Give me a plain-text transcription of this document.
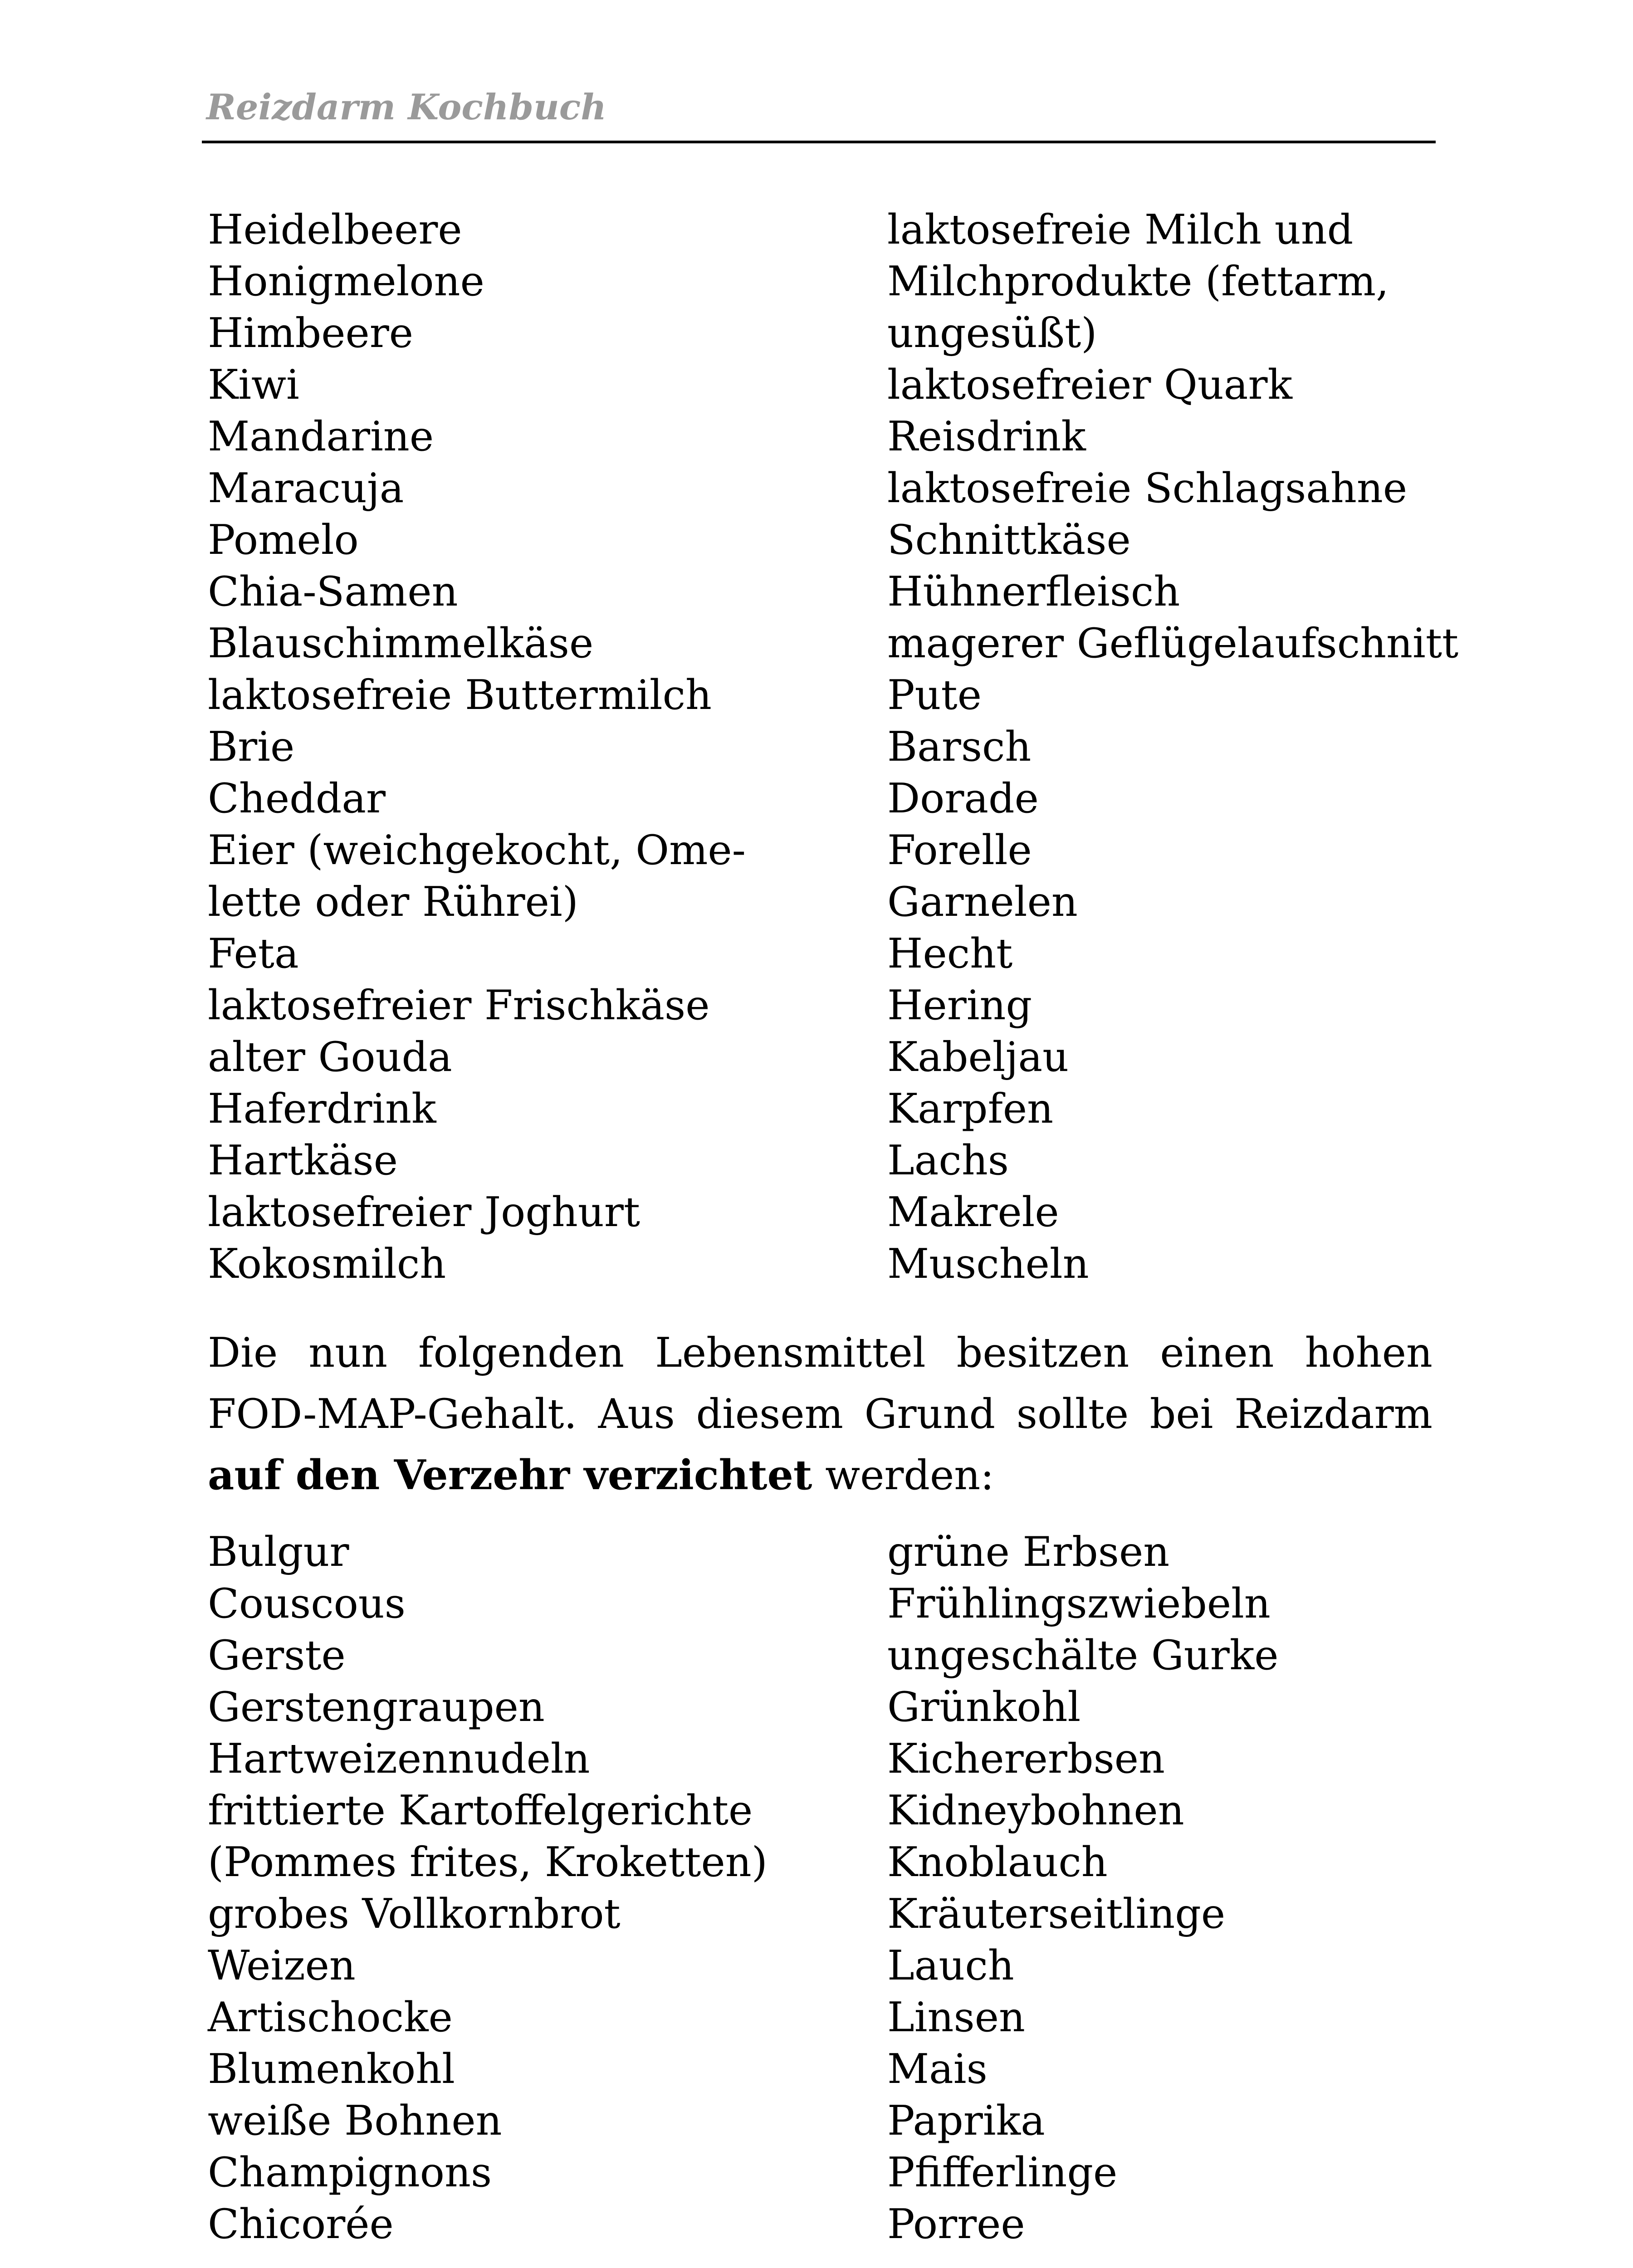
Reizdarm Kochbuch
Heidelbeere
Honigmelone
Himbeere
Kiwi
Mandarine
Maracuja
Pomelo
Chia-Samen
Blauschimmelkäse
laktosefreie Buttermilch
Brie
Cheddar
Eier (weichgekocht, Ome-
lette oder Rührei)
Feta
laktosefreier Frischkäse
alter Gouda
Haferdrink
Hartkäse
laktosefreier Joghurt
Kokosmilch
laktosefreie Milch und
Milchprodukte (fettarm,
ungesüßt)
laktosefreier Quark
Reisdrink
laktosefreie Schlagsahne
Schnittkäse
Hühnerfleisch
magerer Geflügelaufschnitt
Pute
Barsch
Dorade
Forelle
Garnelen
Hecht
Hering
Kabeljau
Karpfen
Lachs
Makrele
Muscheln

Die nun folgenden Lebensmittel besitzen einen hohen FOD-MAP-Gehalt. Aus diesem Grund sollte bei Reizdarm auf den Verzehr verzichtet werden:

Bulgur
Couscous
Gerste
Gerstengraupen
Hartweizennudeln
frittierte Kartoffelgerichte
(Pommes frites, Kroketten)
grobes Vollkornbrot
Weizen
Artischocke
Blumenkohl
weiße Bohnen
Champignons
Chicorée
grüne Erbsen
Frühlingszwiebeln
ungeschälte Gurke
Grünkohl
Kichererbsen
Kidneybohnen
Knoblauch
Kräuterseitlinge
Lauch
Linsen
Mais
Paprika
Pfifferlinge
Porree
